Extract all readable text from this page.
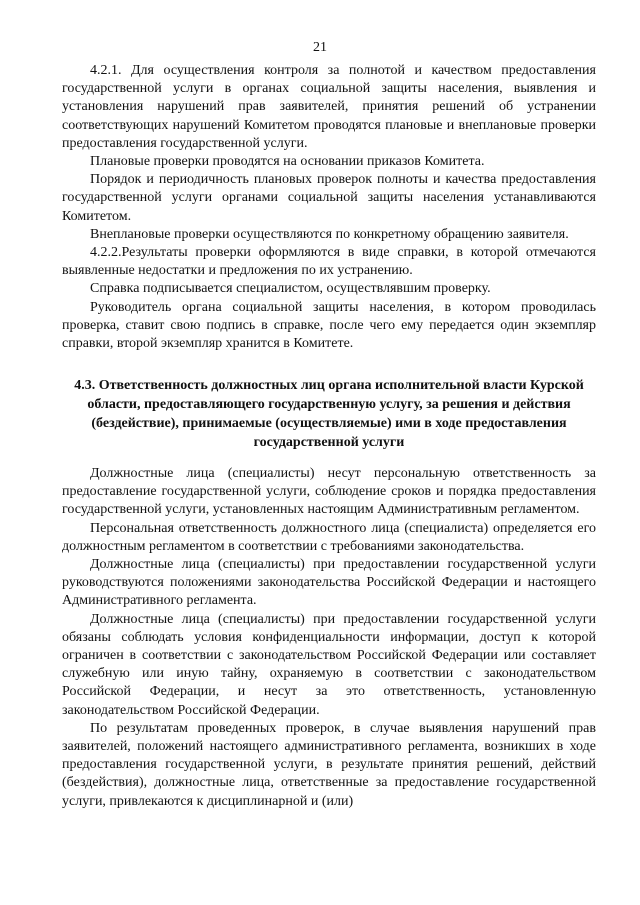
21

4.2.1. Для осуществления контроля за полнотой и качеством предоставления государственной услуги в органах социальной защиты населения, выявления и установления нарушений прав заявителей, принятия решений об устранении соответствующих нарушений Комитетом проводятся плановые и внеплановые проверки предоставления государственной услуги.

Плановые проверки проводятся на основании приказов Комитета.

Порядок и периодичность плановых проверок полноты и качества предоставления государственной услуги органами социальной защиты населения устанавливаются Комитетом.

Внеплановые проверки осуществляются по конкретному обращению заявителя.

4.2.2.Результаты проверки оформляются в виде справки, в которой отмечаются выявленные недостатки и предложения по их устранению.

Справка подписывается специалистом, осуществлявшим проверку.

Руководитель органа социальной защиты населения, в котором проводилась проверка, ставит свою подпись в справке, после чего ему передается один экземпляр справки, второй экземпляр хранится в Комитете.

4.3. Ответственность должностных лиц органа исполнительной власти Курской области, предоставляющего государственную услугу, за решения и действия (бездействие), принимаемые (осуществляемые) ими в ходе предоставления государственной услуги

Должностные лица (специалисты) несут персональную ответственность за предоставление государственной услуги, соблюдение сроков и порядка предоставления государственной услуги, установленных настоящим Административным регламентом.

Персональная ответственность должностного лица (специалиста) определяется его должностным регламентом в соответствии с требованиями законодательства.

Должностные лица (специалисты) при предоставлении государственной услуги руководствуются положениями законодательства Российской Федерации и настоящего Административного регламента.

Должностные лица (специалисты) при предоставлении государственной услуги обязаны соблюдать условия конфиденциальности информации, доступ к которой ограничен в соответствии с законодательством Российской Федерации или составляет служебную или иную тайну, охраняемую в соответствии с законодательством Российской Федерации, и несут за это ответственность, установленную законодательством Российской Федерации.

По результатам проведенных проверок, в случае выявления нарушений прав заявителей, положений настоящего административного регламента, возникших в ходе предоставления государственной услуги, в результате принятия решений, действий (бездействия), должностные лица, ответственные за предоставление государственной услуги, привлекаются к дисциплинарной и (или)
